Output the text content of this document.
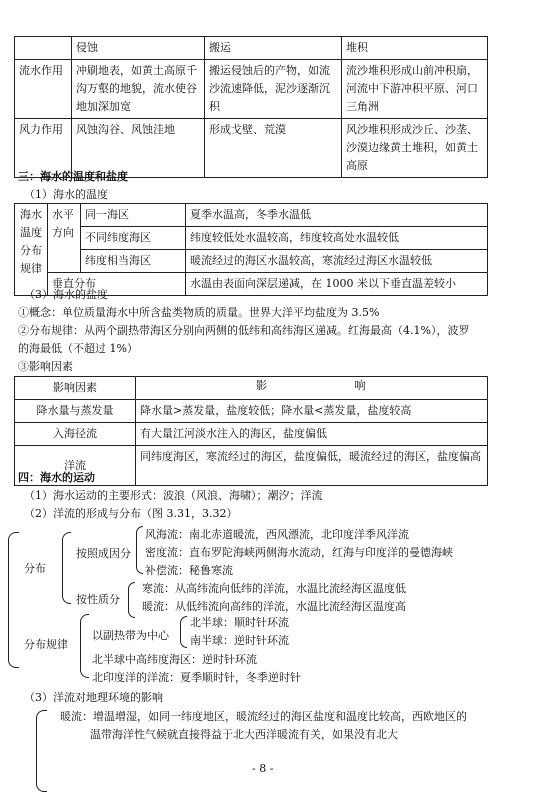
	侵蚀	搬运	堆积
流水作用	冲刷地表，如黄土高原千沟万壑的地貌，流水使谷地加深加宽	搬运侵蚀后的产物，如流沙流速降低，泥沙逐渐沉积	流沙堆积形成山前冲积扇，河流中下游冲积平原、河口三角洲
风力作用	风蚀沟谷、风蚀洼地	形成戈壁、荒漠	风沙堆积形成沙丘、沙垄、沙漠边缘黄土堆积，如黄土高原
三：海水的温度和盐度
（1）海水的温度
海水温度分布规律	水平方向	同一海区	夏季水温高，冬季水温低
		不同纬度海区	纬度较低处水温较高，纬度较高处水温较低
		纬度相当海区	暖流经过的海区水温较高，寒流经过海区水温较低
	垂直分布		水温由表面向深层递减，在 1000 米以下垂直温差较小
（3）海水的盐度
①概念：单位质量海水中所含盐类物质的质量。世界大洋平均盐度为 3.5%
②分布规律：从两个副热带海区分别向两侧的低纬和高纬海区递减。红海最高（4.1%），波罗
的海最低（不超过 1%）
③影响因素
影响因素	影 响
降水量与蒸发量	降水量>蒸发量，盐度较低；降水量<蒸发量，盐度较高
入海径流	有大量江河淡水注入的海区，盐度偏低
洋流	同纬度海区，寒流经过的海区，盐度偏低，暖流经过的海区，盐度偏高
四：海水的运动
（1）海水运动的主要形式：波浪（风浪、海啸）；潮汐；洋流
（2）洋流的形成与分布（图 3.31，3.32）
分布
按照成因分
风海流：南北赤道暖流，西风漂流，北印度洋季风洋流
密度流：直布罗陀海峡两侧海水流动，红海与印度洋的曼德海峡
补偿流：秘鲁寒流
按性质分
寒流：从高纬流向低纬的洋流，水温比流经海区温度低
暖流：从低纬流向高纬的洋流，水温比流经海区温度高
分布规律
以副热带为中心
北半球：顺时针环流
南半球：逆时针环流
北半球中高纬度海区：逆时针环流
北印度洋的洋流：夏季顺时针，冬季逆时针
（3）洋流对地理环境的影响
暖流：增温增湿，如同一纬度地区，暖流经过的海区盐度和温度比较高，西欧地区的
温带海洋性气候就直接得益于北大西洋暖流有关，如果没有北大
- 8 -
